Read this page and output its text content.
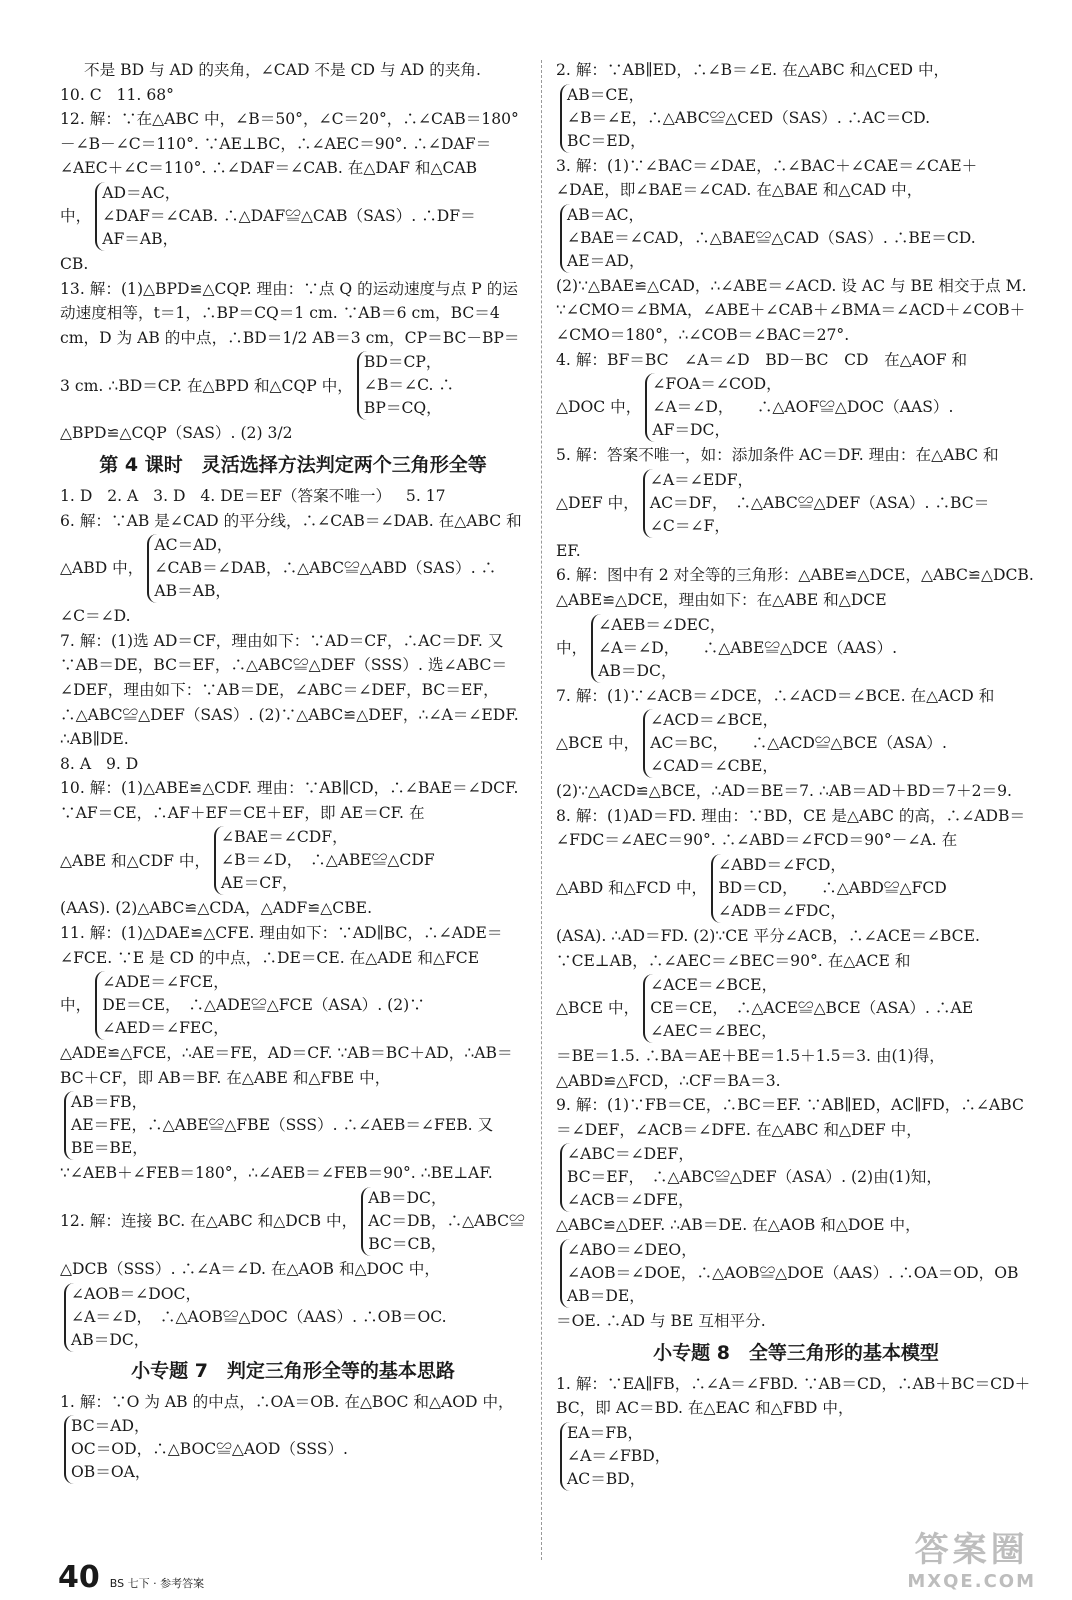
不是 BD 与 AD 的夹角，∠CAD 不是 CD 与 AD 的夹角.

10. C   11. 68°

12. 解：∵在△ABC 中，∠B＝50°，∠C＝20°，∴∠CAB＝180°－∠B－∠C＝110°. ∵AE⊥BC，∴∠AEC＝90°. ∴∠DAF＝∠AEC＋∠C＝110°. ∴∠DAF＝∠CAB. 在△DAF 和△CAB

中，
AD＝AC，
∠DAF＝∠CAB. ∴△DAF≌△CAB（SAS）. ∴DF＝
AF＝AB，

CB.

13. 解：(1)△BPD≌△CQP. 理由：∵点 Q 的运动速度与点 P 的运动速度相等，t＝1，∴BP＝CQ＝1 cm. ∵AB＝6 cm，BC＝4 cm，D 为 AB 的中点，∴BD＝1/2 AB＝3 cm，CP＝BC－BP＝

3 cm. ∴BD＝CP. 在△BPD 和△CQP 中，
BD＝CP，
∠B＝∠C. ∴
BP＝CQ，

△BPD≌△CQP（SAS）. (2) 3/2

第 4 课时　灵活选择方法判定两个三角形全等

1. D   2. A   3. D   4. DE＝EF（答案不唯一）   5. 17

6. 解：∵AB 是∠CAD 的平分线，∴∠CAB＝∠DAB. 在△ABC 和

△ABD 中，
AC＝AD，
∠CAB＝∠DAB，∴△ABC≌△ABD（SAS）. ∴
AB＝AB，

∠C＝∠D.

7. 解：(1)选 AD＝CF，理由如下：∵AD＝CF，∴AC＝DF. 又∵AB＝DE，BC＝EF，∴△ABC≌△DEF（SSS）. 选∠ABC＝∠DEF，理由如下：∵AB＝DE，∠ABC＝∠DEF，BC＝EF，∴△ABC≌△DEF（SAS）. (2)∵△ABC≌△DEF，∴∠A＝∠EDF. ∴AB∥DE.

8. A   9. D

10. 解：(1)△ABE≌△CDF. 理由：∵AB∥CD，∴∠BAE＝∠DCF. ∵AF＝CE，∴AF＋EF＝CE＋EF，即 AE＝CF. 在

△ABE 和△CDF 中，
∠BAE＝∠CDF，
∠B＝∠D，　∴△ABE≌△CDF
AE＝CF，

(AAS). (2)△ABC≌△CDA，△ADF≌△CBE.

11. 解：(1)△DAE≌△CFE. 理由如下：∵AD∥BC，∴∠ADE＝∠FCE. ∵E 是 CD 的中点，∴DE＝CE. 在△ADE 和△FCE

中，
∠ADE＝∠FCE，
DE＝CE，　∴△ADE≌△FCE（ASA）. (2)∵
∠AED＝∠FEC，

△ADE≌△FCE，∴AE＝FE，AD＝CF. ∵AB＝BC＋AD，∴AB＝BC＋CF，即 AB＝BF. 在△ABE 和△FBE 中，

AB＝FB，
AE＝FE，∴△ABE≌△FBE（SSS）. ∴∠AEB＝∠FEB. 又
BE＝BE，

∵∠AEB＋∠FEB＝180°，∴∠AEB＝∠FEB＝90°. ∴BE⊥AF.

12. 解：连接 BC. 在△ABC 和△DCB 中，
AB＝DC，
AC＝DB，∴△ABC≌
BC＝CB，

△DCB（SSS）. ∴∠A＝∠D. 在△AOB 和△DOC 中，

∠AOB＝∠DOC，
∠A＝∠D，　∴△AOB≌△DOC（AAS）. ∴OB＝OC.
AB＝DC，
小专题 7　判定三角形全等的基本思路

1. 解：∵O 为 AB 的中点，∴OA＝OB. 在△BOC 和△AOD 中，

BC＝AD，
OC＝OD，∴△BOC≌△AOD（SSS）.
OB＝OA，

2. 解：∵AB∥ED，∴∠B＝∠E. 在△ABC 和△CED 中，

AB＝CE，
∠B＝∠E，∴△ABC≌△CED（SAS）. ∴AC＝CD.
BC＝ED，

3. 解：(1)∵∠BAC＝∠DAE，∴∠BAC＋∠CAE＝∠CAE＋∠DAE，即∠BAE＝∠CAD. 在△BAE 和△CAD 中，

AB＝AC，
∠BAE＝∠CAD，∴△BAE≌△CAD（SAS）. ∴BE＝CD.
AE＝AD，

(2)∵△BAE≌△CAD，∴∠ABE＝∠ACD. 设 AC 与 BE 相交于点 M. ∵∠CMO＝∠BMA，∠ABE＋∠CAB＋∠BMA＝∠ACD＋∠COB＋∠CMO＝180°，∴∠COB＝∠BAC＝27°.

4. 解：BF＝BC　∠A＝∠D　BD－BC　CD　在△AOF 和

△DOC 中，
∠FOA＝∠COD，
∠A＝∠D，　　∴△AOF≌△DOC（AAS）.
AF＝DC，

5. 解：答案不唯一，如：添加条件 AC＝DF. 理由：在△ABC 和

△DEF 中，
∠A＝∠EDF，
AC＝DF，　∴△ABC≌△DEF（ASA）. ∴BC＝
∠C＝∠F，

EF.

6. 解：图中有 2 对全等的三角形：△ABE≌△DCE，△ABC≌△DCB. △ABE≌△DCE，理由如下：在△ABE 和△DCE

中，
∠AEB＝∠DEC，
∠A＝∠D，　　∴△ABE≌△DCE（AAS）.
AB＝DC，

7. 解：(1)∵∠ACB＝∠DCE，∴∠ACD＝∠BCE. 在△ACD 和

△BCE 中，
∠ACD＝∠BCE，
AC＝BC，　　∴△ACD≌△BCE（ASA）.
∠CAD＝∠CBE，

(2)∵△ACD≌△BCE，∴AD＝BE＝7. ∴AB＝AD＋BD＝7＋2＝9.

8. 解：(1)AD＝FD. 理由：∵BD，CE 是△ABC 的高，∴∠ADB＝∠FDC＝∠AEC＝90°. ∴∠ABD＝∠FCD＝90°－∠A. 在

△ABD 和△FCD 中，
∠ABD＝∠FCD，
BD＝CD，　　∴△ABD≌△FCD
∠ADB＝∠FDC，

(ASA). ∴AD＝FD. (2)∵CE 平分∠ACB，∴∠ACE＝∠BCE. ∵CE⊥AB，∴∠AEC＝∠BEC＝90°. 在△ACE 和

△BCE 中，
∠ACE＝∠BCE，
CE＝CE，　∴△ACE≌△BCE（ASA）. ∴AE
∠AEC＝∠BEC，

＝BE＝1.5. ∴BA＝AE＋BE＝1.5＋1.5＝3. 由(1)得，△ABD≌△FCD，∴CF＝BA＝3.

9. 解：(1)∵FB＝CE，∴BC＝EF. ∵AB∥ED，AC∥FD，∴∠ABC＝∠DEF，∠ACB＝∠DFE. 在△ABC 和△DEF 中，

∠ABC＝∠DEF，
BC＝EF，　∴△ABC≌△DEF（ASA）. (2)由(1)知，
∠ACB＝∠DFE，

△ABC≌△DEF. ∴AB＝DE. 在△AOB 和△DOE 中，

∠ABO＝∠DEO，
∠AOB＝∠DOE，∴△AOB≌△DOE（AAS）. ∴OA＝OD，OB
AB＝DE，

＝OE. ∴AD 与 BE 互相平分.

小专题 8　全等三角形的基本模型

1. 解：∵EA∥FB，∴∠A＝∠FBD. ∵AB＝CD，∴AB＋BC＝CD＋BC，即 AC＝BD. 在△EAC 和△FBD 中，

EA＝FB，
∠A＝∠FBD，
AC＝BD，
40 BS 七下 · 参考答案
答案圈
MXQE.COM
